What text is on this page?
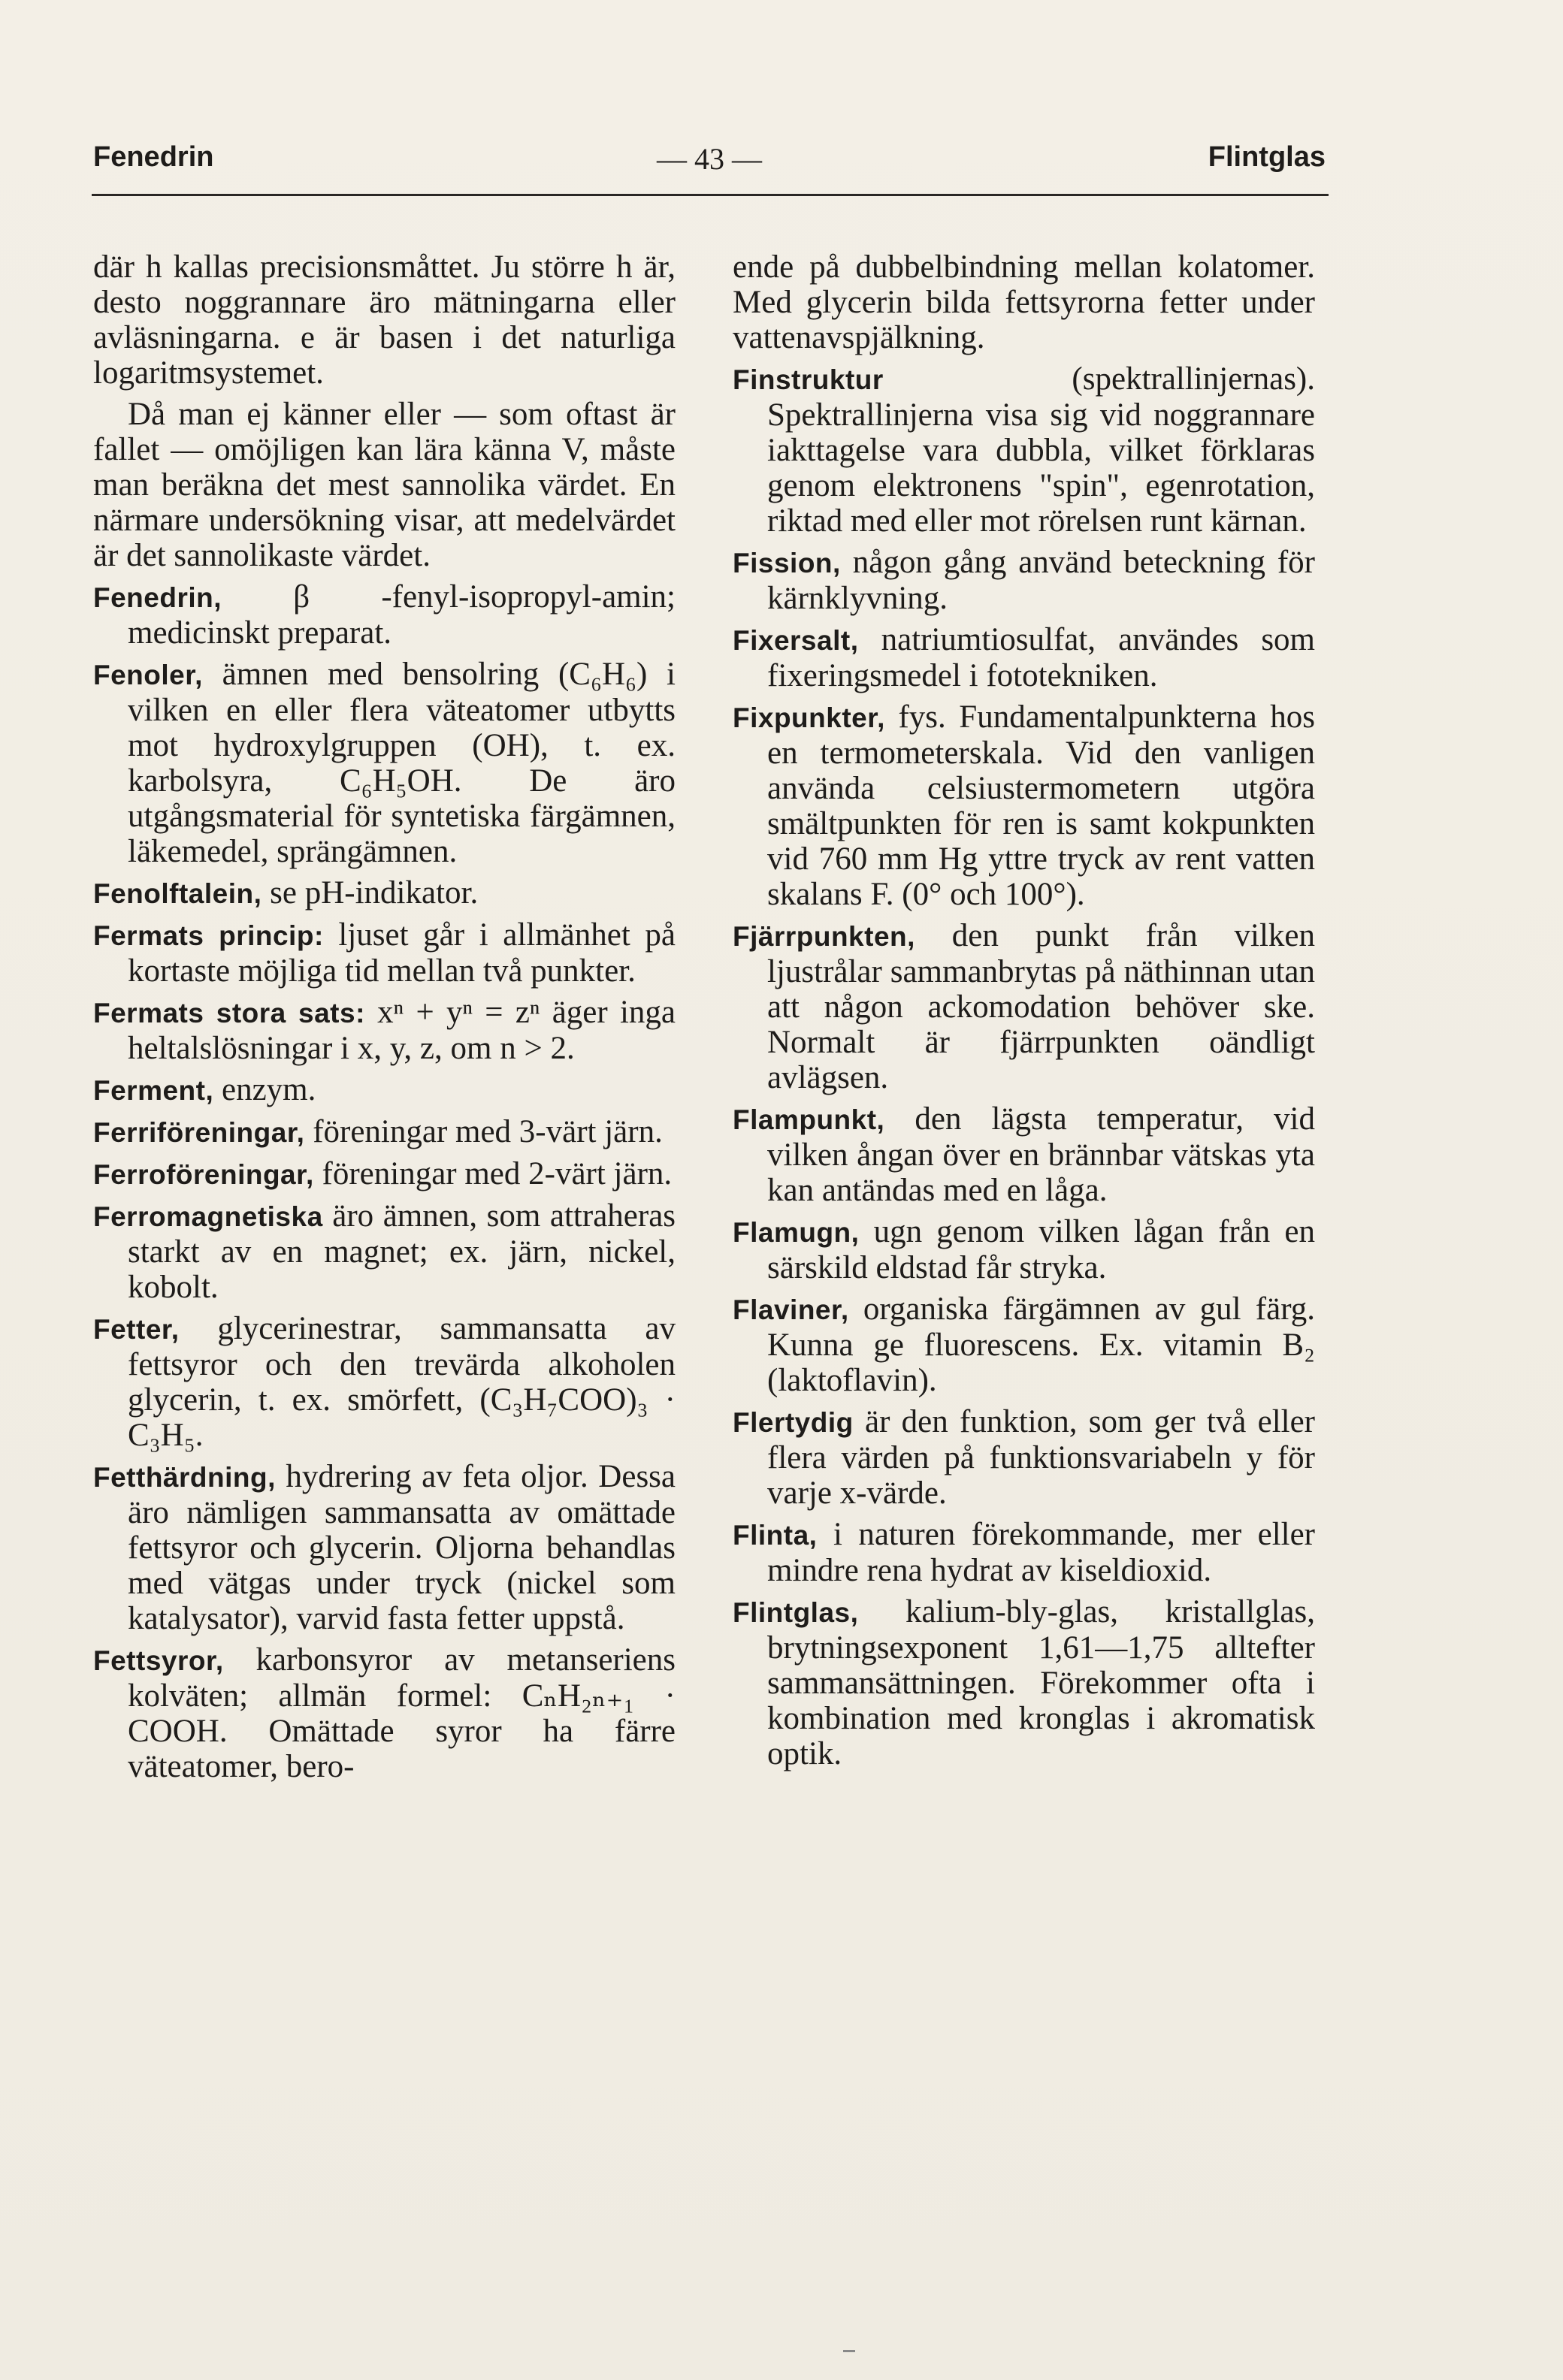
Fenedrin	— 43 —	Flintglas

där h kallas precisionsmåttet. Ju större h är, desto noggrannare äro mätningarna eller avläsningarna. e är basen i det naturliga logaritmsystemet.

Då man ej känner eller — som oftast är fallet — omöjligen kan lära känna V, måste man beräkna det mest sannolika värdet. En närmare undersökning visar, att medelvärdet är det sannolikaste värdet.

Fenedrin, β -fenyl-isopropyl-amin; medicinskt preparat.

Fenoler, ämnen med bensolring (C₆H₆) i vilken en eller flera väteatomer utbytts mot hydroxylgruppen (OH), t. ex. karbolsyra, C₆H₅OH. De äro utgångsmaterial för syntetiska färgämnen, läkemedel, sprängämnen.

Fenolftalein, se pH-indikator.

Fermats princip: ljuset går i allmänhet på kortaste möjliga tid mellan två punkter.

Fermats stora sats: xⁿ + yⁿ = zⁿ äger inga heltalslösningar i x, y, z, om n > 2.

Ferment, enzym.

Ferriföreningar, föreningar med 3-värt järn.

Ferroföreningar, föreningar med 2-värt järn.

Ferromagnetiska äro ämnen, som attraheras starkt av en magnet; ex. järn, nickel, kobolt.

Fetter, glycerinestrar, sammansatta av fettsyror och den trevärda alkoholen glycerin, t. ex. smörfett, (C₃H₇COO)₃ · C₃H₅.

Fetthärdning, hydrering av feta oljor. Dessa äro nämligen sammansatta av omättade fettsyror och glycerin. Oljorna behandlas med vätgas under tryck (nickel som katalysator), varvid fasta fetter uppstå.

Fettsyror, karbonsyror av metanseriens kolväten; allmän formel: CₙH₂ₙ₊₁ · COOH. Omättade syror ha färre väteatomer, bero-

ende på dubbelbindning mellan kolatomer. Med glycerin bilda fettsyrorna fetter under vattenavspjälkning.

Finstruktur	(spektrallinjernas). Spektrallinjerna visa sig vid noggrannare iakttagelse vara dubbla, vilket förklaras genom elektronens "spin", egenrotation, riktad med eller mot rörelsen runt kärnan.

Fission, någon gång använd beteckning för kärnklyvning.

Fixersalt, natriumtiosulfat, användes som fixeringsmedel i fototekniken.

Fixpunkter, fys. Fundamentalpunkterna hos en termometerskala. Vid den vanligen använda celsiustermometern utgöra smältpunkten för ren is samt kokpunkten vid 760 mm Hg yttre tryck av rent vatten skalans F. (0° och 100°).

Fjärrpunkten, den punkt från vilken ljustrålar sammanbrytas på näthinnan utan att någon ackomodation behöver ske. Normalt är fjärrpunkten oändligt avlägsen.

Flampunkt, den lägsta temperatur, vid vilken ångan över en brännbar vätskas yta kan antändas med en låga.

Flamugn, ugn genom vilken lågan från en särskild eldstad får stryka.

Flaviner, organiska färgämnen av gul färg. Kunna ge fluorescens. Ex. vitamin B₂ (laktoflavin).

Flertydig är den funktion, som ger två eller flera värden på funktionsvariabeln y för varje x-värde.

Flinta, i naturen förekommande, mer eller mindre rena hydrat av kiseldioxid.

Flintglas, kalium-bly-glas, kristallglas, brytningsexponent 1,61—1,75 alltefter sammansättningen. Förekommer ofta i kombination med kronglas i akromatisk optik.
